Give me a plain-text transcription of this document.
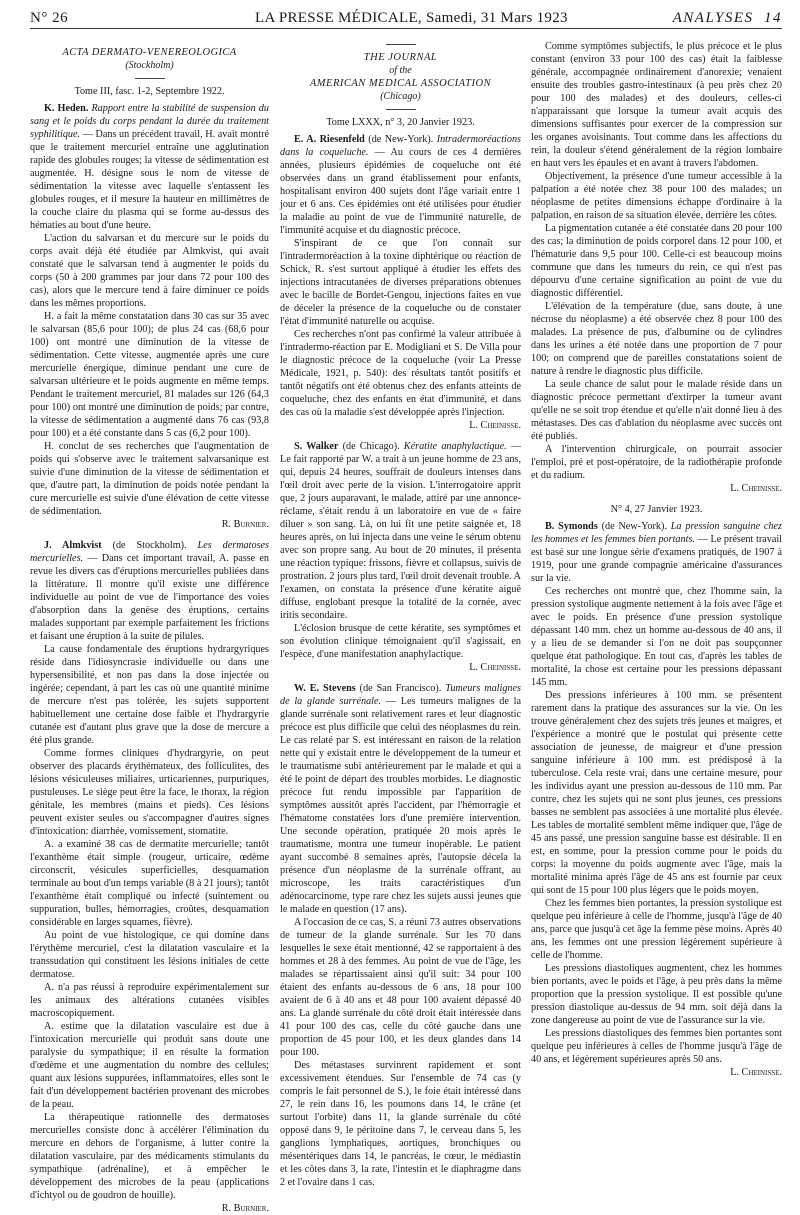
N° 26	LA PRESSE MÉDICALE, Samedi, 31 Mars 1923	ANALYSES 14

ACTA DERMATO-VENEREOLOGICA

(Stockholm)

Tome III, fasc. 1-2, Septembre 1922.

K. Heden. Rapport entre la stabilité de suspension du sang et le poids du corps pendant la durée du traitement syphilitique. — Dans un précédent travail, H. avait montré que le traitement mercuriel entraîne une agglutination rapide des globules rouges; la vitesse de sédimentation est augmentée. H. désigne sous le nom de vitesse de sédimentation la vitesse avec laquelle s'entassent les globules rouges, et il mesure la hauteur en millimètres de la couche claire du plasma qui se forme au-dessus des hématies au bout d'une heure.

L'action du salvarsan et du mercure sur le poids du corps avait déjà été étudiée par Almkvist, qui avait constaté que le salvarsan tend à augmenter le poids du corps (50 à 200 grammes par jour dans 72 pour 100 des cas), alors que le mercure tend à faire diminuer ce poids dans les mêmes proportions.

H. a fait la même constatation dans 30 cas sur 35 avec le salvarsan (85,6 pour 100); de plus 24 cas (68,6 pour 100) ont montré une diminution de la vitesse de sédimentation. Cette vitesse, augmentée après une cure mercurielle énergique, diminue pendant une cure de salvarsan ultérieure et le poids augmente en même temps. Pendant le traitement mercuriel, 81 malades sur 126 (64,3 pour 100) ont montré une diminution de poids; par contre, la vitesse de sédimentation a augmenté dans 76 cas (93,8 pour 100) et a été constante dans 5 cas (6,2 pour 100).

H. conclut de ses recherches que l'augmentation de poids qui s'observe avec le traitement salvarsanique est suivie d'une diminution de la vitesse de sédimentation et que, d'autre part, la diminution de poids notée pendant la cure mercurielle est suivie d'une élévation de cette vitesse de sédimentation.

R. Burnier.

J. Almkvist (de Stockholm). Les dermatoses mercurielles. — Dans cet important travail, A. passe en revue les divers cas d'éruptions mercurielles publiées dans la littérature. Il montre qu'il existe une différence individuelle au point de vue de l'importance des voies d'absorption dans la genèse des éruptions, certains malades supportant par exemple parfaitement les frictions et faisant une éruption à la suite de pilules.

La cause fondamentale des éruptions hydrargyriques réside dans l'idiosyncrasie individuelle ou dans une hypersensibilité, et non pas dans la dose injectée ou ingérée; cependant, à part les cas où une quantité minime de mercure n'est pas tolérée, les sujets supportent habituellement une certaine dose faible et l'hydrargyrie cutanée est d'autant plus grave que la dose de mercure a été plus grande.

Comme formes cliniques d'hydrargyrie, on peut observer des placards érythémateux, des folliculites, des lésions vésiculeuses miliaires, urticariennes, purpuriques, pustuleuses. Le siège peut être la face, le thorax, la région génitale, les membres (mains et pieds). Ces lésions peuvent exister seules ou s'accompagner d'autres signes d'intoxication: diarrhée, vomissement, stomatite.

A. a examiné 38 cas de dermatite mercurielle; tantôt l'exanthème était simple (rougeur, urticaire, œdème circonscrit, vésicules superficielles, desquamation terminale au bout d'un temps variable (8 à 21 jours); tantôt l'exanthème était compliqué ou infecté (suintement ou suppuration, bulles, hémorragies, croûtes, desquamation considérable en larges squames, fièvre).

Au point de vue histologique, ce qui domine dans l'érythème mercuriel, c'est la dilatation vasculaire et la transsudation qui constituent les lésions initiales de cette dermatose.

A. n'a pas réussi à reproduire expérimentalement sur les animaux des altérations cutanées visibles macroscopiquement.

A. estime que la dilatation vasculaire est due à l'intoxication mercurielle qui produit sans doute une paralysie du sympathique; il en résulte la formation d'œdème et une augmentation du nombre des cellules; quant aux lésions suppurées, inflammatoires, elles sont le fait d'un développement bactérien provenant des microbes de la peau.

La thérapeutique rationnelle des dermatoses mercurielles consiste donc à accélérer l'élimination du mercure en dehors de l'organisme, à lutter contre la dilatation vasculaire, par des médicaments stimulants du sympathique (adrénaline), et à empêcher le développement des microbes de la peau (applications d'ichtyol ou de goudron de houille).

R. Burnier.

THE JOURNAL

of the

AMERICAN MEDICAL ASSOCIATION

(Chicago)

Tome LXXX, n° 3, 20 Janvier 1923.

E. A. Riesenfeld (de New-York). Intradermoréactions dans la coqueluche. — Au cours de ces 4 dernières années, plusieurs épidémies de coqueluche ont été observées dans un grand établissement pour enfants, hospitalisant environ 400 sujets dont l'âge variait entre 1 jour et 6 ans. Ces épidémies ont été utilisées pour étudier la maladie au point de vue de l'immunité naturelle, de l'immunité acquise et du diagnostic précoce.

S'inspirant de ce que l'on connaît sur l'intradermoréaction à la toxine diphtérique ou réaction de Schick, R. s'est surtout appliqué à étudier les effets des injections intracutanées de diverses préparations obtenues avec le bacille de Bordet-Gengou, injections faites en vue de déceler la présence de la coqueluche ou de constater l'état d'immunité naturelle ou acquise.

Ces recherches n'ont pas confirmé la valeur attribuée à l'intradermo-réaction par E. Modigliani et S. De Villa pour le diagnostic précoce de la coqueluche (voir La Presse Médicale, 1921, p. 540): des résultats tantôt positifs et tantôt négatifs ont été obtenus chez des enfants atteints de coqueluche, chez des enfants en état d'immunité, et dans des cas où la maladie s'est développée après l'injection.

L. Cheinisse.

S. Walker (de Chicago). Kératite anaphylactique. — Le fait rapporté par W. a trait à un jeune homme de 23 ans, qui, depuis 24 heures, souffrait de douleurs intenses dans l'œil droit avec perte de la vision. L'interrogatoire apprit que, 2 jours auparavant, le malade, attiré par une annonce-réclame, s'était rendu à un laboratoire en vue de « faire diluer » son sang. Là, on lui fit une petite saignée et, 18 heures après, on lui injecta dans une veine le sérum obtenu avec son propre sang. Au bout de 20 minutes, il présenta une réaction typique: frissons, fièvre et collapsus, suivis de prostration. 2 jours plus tard, l'œil droit devenait trouble. A l'examen, on constata la présence d'une kératite aiguë diffuse, englobant presque la totalité de la cornée, avec iritis secondaire.

L'éclosion brusque de cette kératite, ses symptômes et son évolution clinique témoignaient qu'il s'agissait, en l'espèce, d'une manifestation anaphylactique.

L. Cheinisse.

W. E. Stevens (de San Francisco). Tumeurs malignes de la glande surrénale. — Les tumeurs malignes de la glande surrénale sont relativement rares et leur diagnostic précoce est plus difficile que celui des néoplasmes du rein. Le cas relaté par S. est intéressant en raison de la relation nette qui y existait entre le développement de la tumeur et le traumatisme subi antérieurement par le malade et qui a été le point de départ des troubles morbides. Le diagnostic précoce fut rendu impossible par l'apparition de symptômes aussitôt après l'accident, par l'hémorragie et l'hématome constatées lors d'une première intervention. Une seconde opération, pratiquée 20 mois après le traumatisme, montra une tumeur inopérable. Le patient ayant succombé 8 semaines après, l'autopsie décela la présence d'un néoplasme de la surrénale offrant, au microscope, les traits caractéristiques d'un adénocarcinome, type rare chez les sujets aussi jeunes que le malade en question (17 ans).

A l'occasion de ce cas, S. a réuni 73 autres observations de tumeur de la glande surrénale. Sur les 70 dans lesquelles le sexe était mentionné, 42 se rapportaient à des hommes et 28 à des femmes. Au point de vue de l'âge, les malades se répartissaient ainsi qu'il suit: 34 pour 100 étaient des enfants au-dessous de 6 ans, 18 pour 100 avaient de 6 à 40 ans et 48 pour 100 avaient dépassé 40 ans. La glande surrénale du côté droit était intéressée dans 41 pour 100 des cas, celle du côté gauche dans une proportion de 45 pour 100, et les deux glandes dans 14 pour 100.

Des métastases survinrent rapidement et sont excessivement étendues. Sur l'ensemble de 74 cas (y compris le fait personnel de S.), le foie était intéressé dans 27, le rein dans 16, les poumons dans 14, le crâne (et surtout l'orbite) dans 11, la glande surrénale du côté opposé dans 9, le péritoine dans 7, le cerveau dans 5, les ganglions lymphatiques, aortiques, bronchiques ou mésentériques dans 14, le pancréas, le cœur, le médiastin et les côtes dans 3, la rate, l'intestin et le diaphragme dans 2 et l'ovaire dans 1 cas.

Comme symptômes subjectifs, le plus précoce et le plus constant (environ 33 pour 100 des cas) était la faiblesse générale, accompagnée ordinairement d'anorexie; venaient ensuite des troubles gastro-intestinaux (à peu près chez 20 pour 100 des malades) et des douleurs, celles-ci n'apparaissant que lorsque la tumeur avait acquis des dimensions suffisantes pour exercer de la compression sur les organes avoisinants. Tout comme dans les affections du rein, la douleur s'étend généralement de la région lombaire en haut vers les épaules et en avant à travers l'abdomen.

Objectivement, la présence d'une tumeur accessible à la palpation a été notée chez 38 pour 100 des malades; un néoplasme de petites dimensions échappe d'ordinaire à la palpation, en raison de sa situation élevée, derrière les côtes.

La pigmentation cutanée a été constatée dans 20 pour 100 des cas; la diminution de poids corporel dans 12 pour 100, et l'hématurie dans 9,5 pour 100. Celle-ci est beaucoup moins commune que dans les tumeurs du rein, ce qui n'est pas dépourvu d'une certaine signification au point de vue du diagnostic différentiel.

L'élévation de la température (due, sans doute, à une nécrose du néoplasme) a été observée chez 8 pour 100 des malades. La présence de pus, d'albumine ou de cylindres dans les urines a été notée dans une proportion de 7 pour 100; on comprend que de pareilles constatations soient de nature à rendre le diagnostic plus difficile.

La seule chance de salut pour le malade réside dans un diagnostic précoce permettant d'extirper la tumeur avant qu'elle ne se soit trop étendue et qu'elle n'ait donné lieu à des métastases. Des cas d'ablation du néoplasme avec succès ont été publiés.

A l'intervention chirurgicale, on pourrait associer l'emploi, pré et post-opératoire, de la radiothérapie profonde et du radium.

L. Cheinisse.

N° 4, 27 Janvier 1923.

B. Symonds (de New-York). La pression sanguine chez les hommes et les femmes bien portants. — Le présent travail est basé sur une longue série d'examens pratiqués, de 1907 à 1919, pour une grande compagnie américaine d'assurances sur la vie.

Ces recherches ont montré que, chez l'homme sain, la pression systolique augmente nettement à la fois avec l'âge et avec le poids. En présence d'une pression systolique dépassant 140 mm. chez un homme au-dessous de 40 ans, il y a lieu de se demander si l'on ne doit pas soupçonner quelque état pathologique. En tout cas, d'après les tables de mortalité, la chose est certaine pour les pressions dépassant 145 mm.

Des pressions inférieures à 100 mm. se présentent rarement dans la pratique des assurances sur la vie. On les trouve généralement chez des sujets très jeunes et maigres, et l'expérience a montré que le postulat qui présente cette association de jeunesse, de maigreur et d'une pression sanguine inférieure à 100 mm. est prédisposé à la tuberculose. Cela reste vrai, dans une certaine mesure, pour les individus ayant une pression au-dessous de 110 mm. Par contre, chez les sujets qui ne sont plus jeunes, ces pressions basses ne semblent pas associées à une mortalité plus élevée. Les tables de mortalité semblent même indiquer que, l'âge de 45 ans passé, une pression sanguine basse est désirable. Il en est, en somme, pour la pression comme pour le poids du corps: la moyenne du poids augmente avec l'âge, mais la mortalité minima après l'âge de 45 ans est fournie par ceux qui sont de 15 pour 100 plus légers que le poids moyen.

Chez les femmes bien portantes, la pression systolique est quelque peu inférieure à celle de l'homme, jusqu'à l'âge de 40 ans, parce que jusqu'à cet âge la femme pèse moins. Après 40 ans, les femmes ont une pression légèrement supérieure à celle de l'homme.

Les pressions diastoliques augmentent, chez les hommes bien portants, avec le poids et l'âge, à peu près dans la même proportion que la pression systolique. Il est possible qu'une pression diastolique au-dessus de 94 mm. soit déjà dans la zone dangereuse au point de vue de l'assurance sur la vie.

Les pressions diastoliques des femmes bien portantes sont quelque peu inférieures à celles de l'homme jusqu'à l'âge de 40 ans, et légèrement supérieures après 50 ans.

L. Cheinisse.
